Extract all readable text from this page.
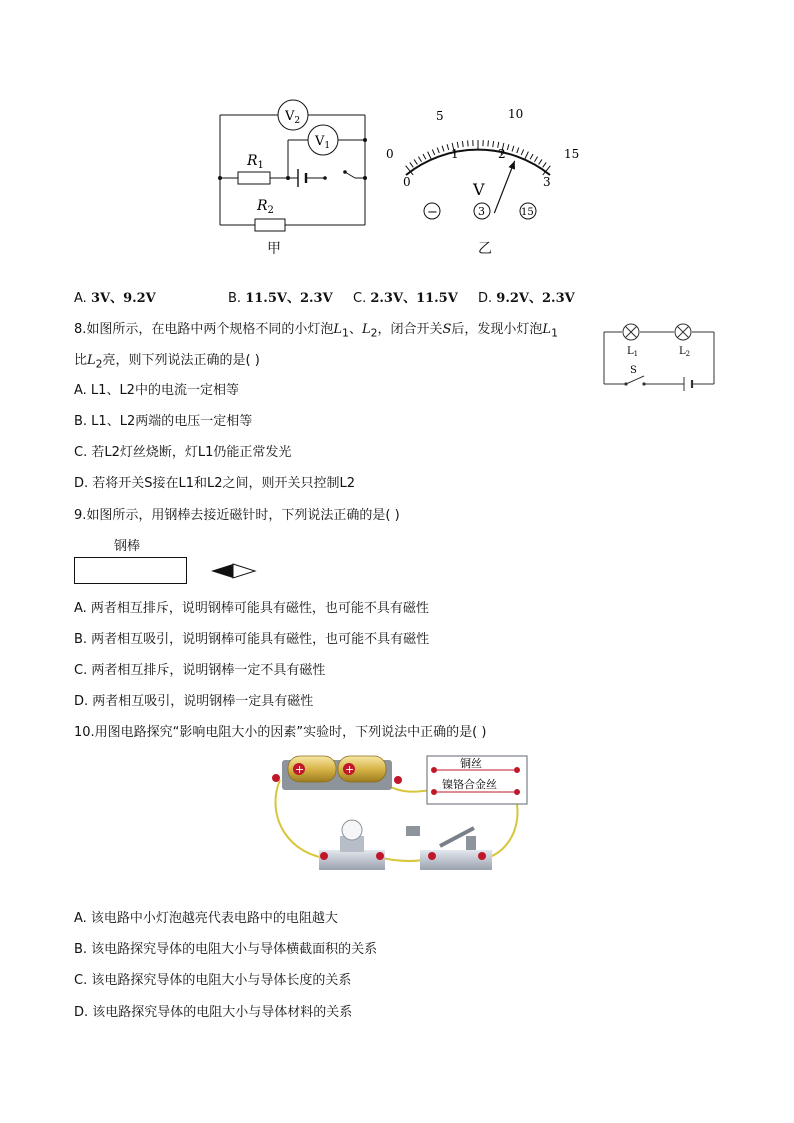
$V_2$
$V_1$
$R_1$
$R_2$
甲
0
5	10
15
0
1	2
3
V
−	3	15
乙
A. 3V、9.2V	B. 11.5V、2.3V C. 2.3V、11.5V D. 9.2V、2.3V
8.如图所示，在电路中两个规格不同的小灯泡$L_1$、$L_2$，闭合开关S后，发现小灯泡$L_1$
比$L_2$亮，则下列说法正确的是( )
A. L1、L2中的电流一定相等
B. L1、L2两端的电压一定相等
C. 若L2灯丝烧断，灯L1仍能正常发光
D. 若将开关S接在L1和L2之间，则开关只控制L2
$L_1$	$L_2$
S
9.如图所示，用钢棒去接近磁针时，下列说法正确的是( )
钢棒
A. 两者相互排斥，说明钢棒可能具有磁性，也可能不具有磁性
B. 两者相互吸引，说明钢棒可能具有磁性，也可能不具有磁性
C. 两者相互排斥，说明钢棒一定不具有磁性
D. 两者相互吸引，说明钢棒一定具有磁性
10.用图电路探究“影响电阻大小的因素”实验时，下列说法中正确的是( )
+	+	铜丝
镍铬合金丝
A. 该电路中小灯泡越亮代表电路中的电阻越大
B. 该电路探究导体的电阻大小与导体横截面积的关系
C. 该电路探究导体的电阻大小与导体长度的关系
D. 该电路探究导体的电阻大小与导体材料的关系
